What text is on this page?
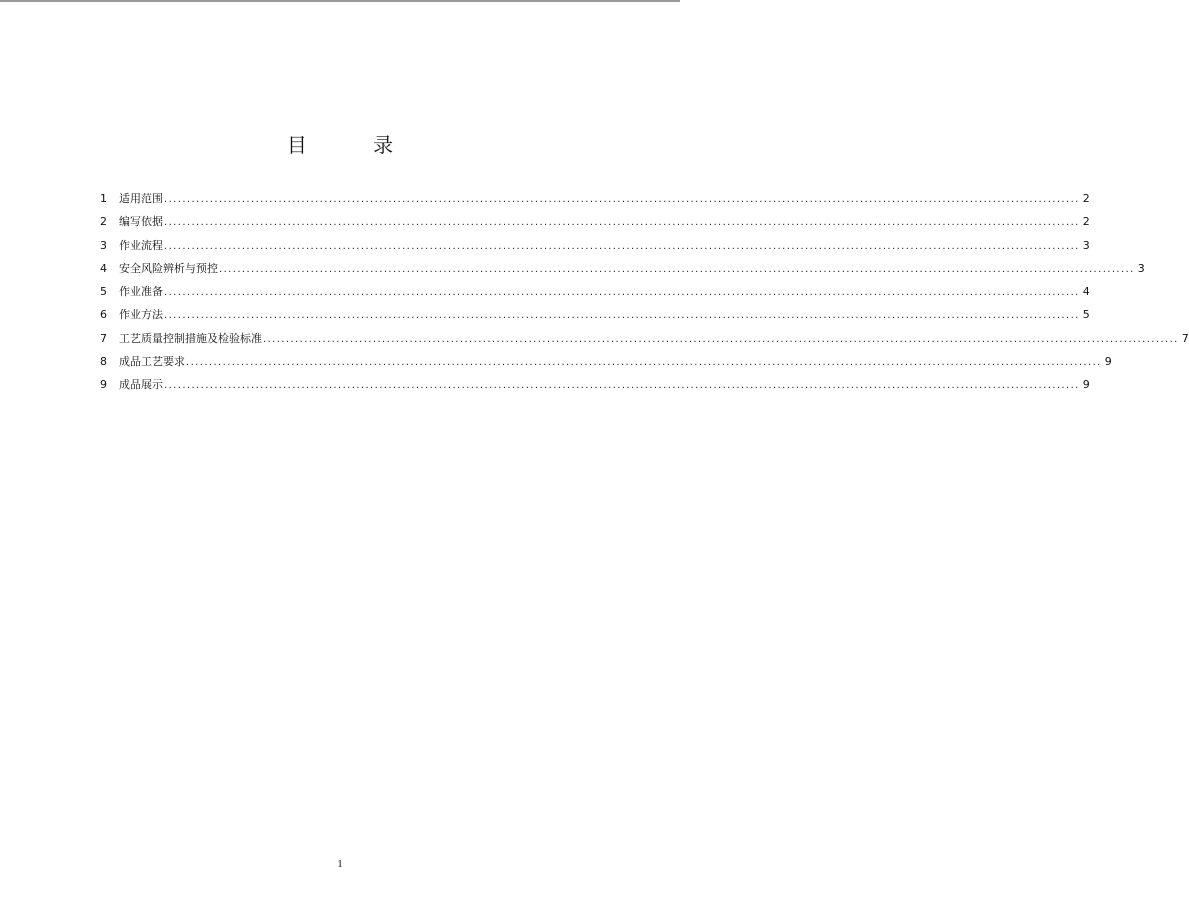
目 录
1	适用范围 ........................................................................................................................................................................................................ 2
2	编写依据 ........................................................................................................................................................................................................ 2
3	作业流程 ........................................................................................................................................................................................................ 3
4	安全风险辨析与预控 ........................................................................................................................................................................................................ 3
5	作业准备 ........................................................................................................................................................................................................ 4
6	作业方法 ........................................................................................................................................................................................................ 5
7	工艺质量控制措施及检验标准 ........................................................................................................................................................................................................ 7
8	成品工艺要求 ........................................................................................................................................................................................................ 9
9	成品展示 ........................................................................................................................................................................................................ 9
1
